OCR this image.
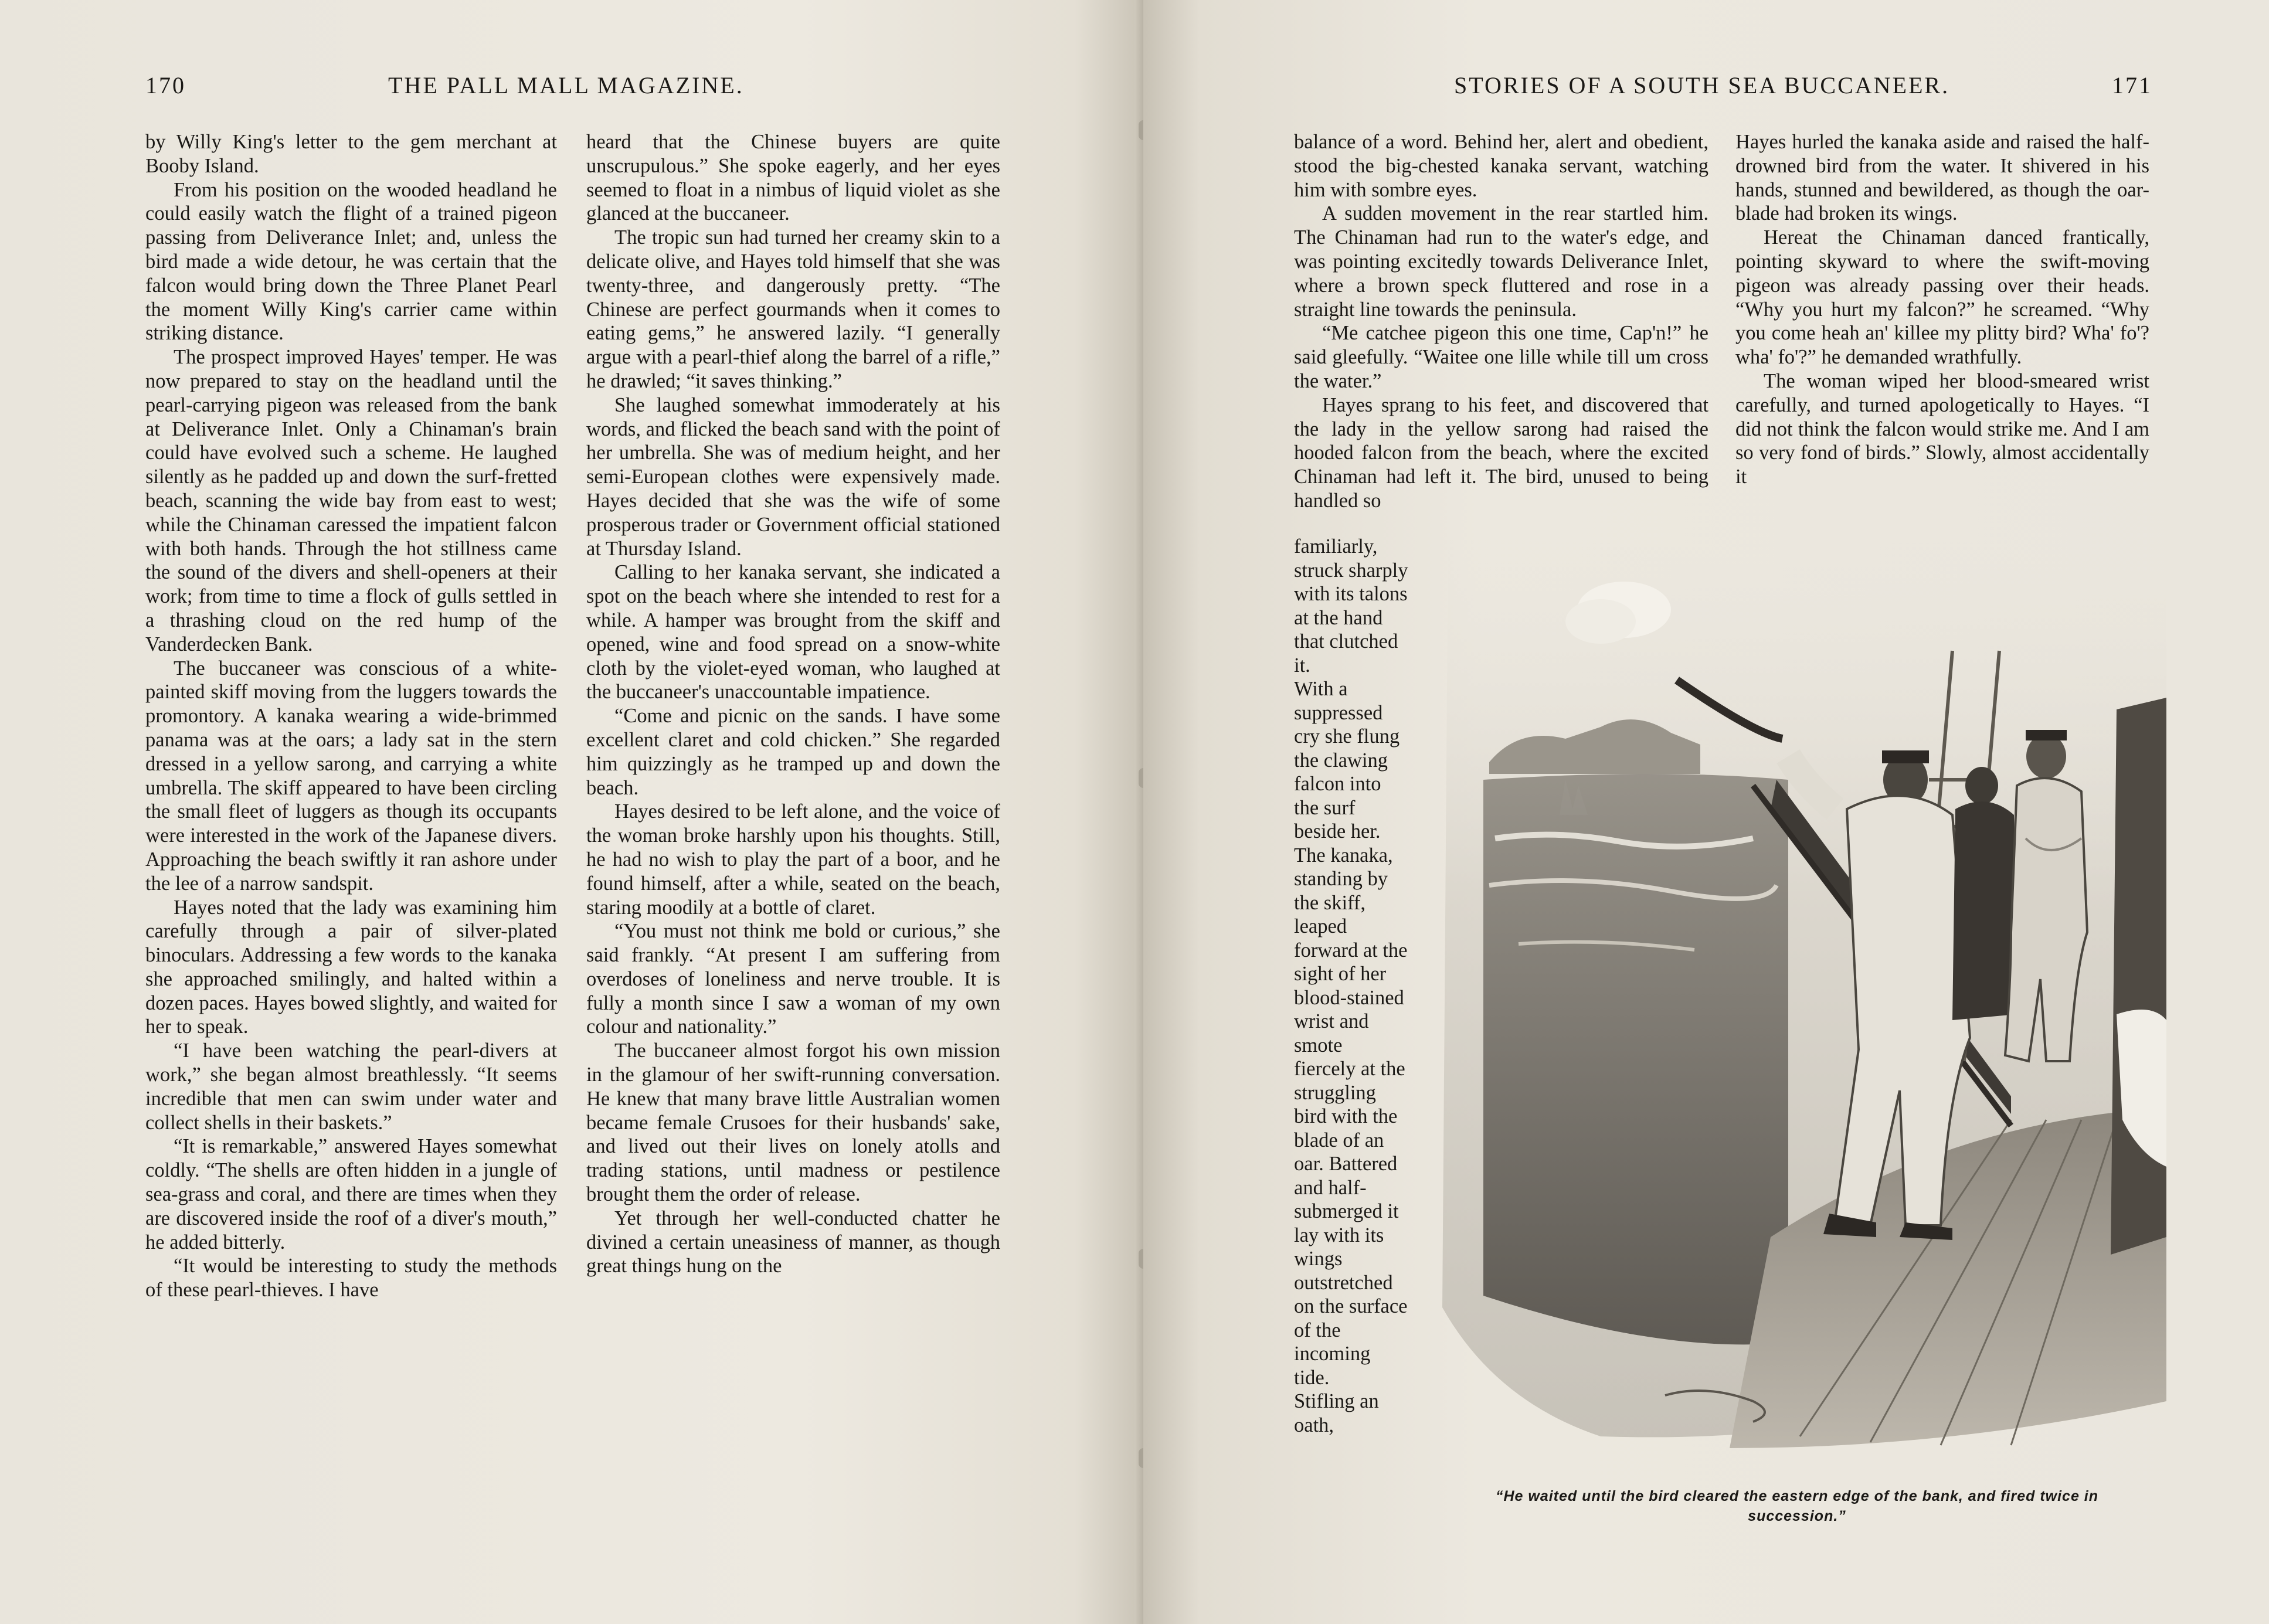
170	THE PALL MALL MAGAZINE.

by Willy King's letter to the gem merchant at Booby Island.

From his position on the wooded headland he could easily watch the flight of a trained pigeon passing from Deliverance Inlet; and, unless the bird made a wide detour, he was certain that the falcon would bring down the Three Planet Pearl the moment Willy King's carrier came within striking distance.

The prospect improved Hayes' temper. He was now prepared to stay on the headland until the pearl-carrying pigeon was released from the bank at Deliverance Inlet. Only a Chinaman's brain could have evolved such a scheme. He laughed silently as he padded up and down the surf-fretted beach, scanning the wide bay from east to west; while the Chinaman caressed the impatient falcon with both hands. Through the hot stillness came the sound of the divers and shell-openers at their work; from time to time a flock of gulls settled in a thrashing cloud on the red hump of the Vanderdecken Bank.

The buccaneer was conscious of a white-painted skiff moving from the luggers towards the promontory. A kanaka wearing a wide-brimmed panama was at the oars; a lady sat in the stern dressed in a yellow sarong, and carrying a white umbrella. The skiff appeared to have been circling the small fleet of luggers as though its occupants were interested in the work of the Japanese divers. Approaching the beach swiftly it ran ashore under the lee of a narrow sandspit.

Hayes noted that the lady was examining him carefully through a pair of silver-plated binoculars. Addressing a few words to the kanaka she approached smilingly, and halted within a dozen paces. Hayes bowed slightly, and waited for her to speak.

“I have been watching the pearl-divers at work,” she began almost breathlessly. “It seems incredible that men can swim under water and collect shells in their baskets.”

“It is remarkable,” answered Hayes somewhat coldly. “The shells are often hidden in a jungle of sea-grass and coral, and there are times when they are discovered inside the roof of a diver's mouth,” he added bitterly.

“It would be interesting to study the methods of these pearl-thieves. I have

heard that the Chinese buyers are quite unscrupulous.” She spoke eagerly, and her eyes seemed to float in a nimbus of liquid violet as she glanced at the buccaneer.

The tropic sun had turned her creamy skin to a delicate olive, and Hayes told himself that she was twenty-three, and dangerously pretty. “The Chinese are perfect gourmands when it comes to eating gems,” he answered lazily. “I generally argue with a pearl-thief along the barrel of a rifle,” he drawled; “it saves thinking.”

She laughed somewhat immoderately at his words, and flicked the beach sand with the point of her umbrella. She was of medium height, and her semi-European clothes were expensively made. Hayes decided that she was the wife of some prosperous trader or Government official stationed at Thursday Island.

Calling to her kanaka servant, she indicated a spot on the beach where she intended to rest for a while. A hamper was brought from the skiff and opened, wine and food spread on a snow-white cloth by the violet-eyed woman, who laughed at the buccaneer's unaccountable impatience.

“Come and picnic on the sands. I have some excellent claret and cold chicken.” She regarded him quizzingly as he tramped up and down the beach.

Hayes desired to be left alone, and the voice of the woman broke harshly upon his thoughts. Still, he had no wish to play the part of a boor, and he found himself, after a while, seated on the beach, staring moodily at a bottle of claret.

“You must not think me bold or curious,” she said frankly. “At present I am suffering from overdoses of loneliness and nerve trouble. It is fully a month since I saw a woman of my own colour and nationality.”

The buccaneer almost forgot his own mission in the glamour of her swift-running conversation. He knew that many brave little Australian women became female Crusoes for their husbands' sake, and lived out their lives on lonely atolls and trading stations, until madness or pestilence brought them the order of release.

Yet through her well-conducted chatter he divined a certain uneasiness of manner, as though great things hung on the

STORIES OF A SOUTH SEA BUCCANEER.	171

balance of a word. Behind her, alert and obedient, stood the big-chested kanaka servant, watching him with sombre eyes.

A sudden movement in the rear startled him. The Chinaman had run to the water's edge, and was pointing excitedly towards Deliverance Inlet, where a brown speck fluttered and rose in a straight line towards the peninsula.

“Me catchee pigeon this one time, Cap'n!” he said gleefully. “Waitee one lille while till um cross the water.”

Hayes sprang to his feet, and discovered that the lady in the yellow sarong had raised the hooded falcon from the beach, where the excited Chinaman had left it. The bird, unused to being handled so

familiarly, struck sharply with its talons at the hand that clutched it.

With a suppressed cry she flung the clawing falcon into the surf beside her. The kanaka, standing by the skiff, leaped forward at the sight of her blood-stained wrist and smote fiercely at the struggling bird with the blade of an oar. Battered and half-submerged it lay with its wings outstretched on the surface of the incoming tide.

Stifling an oath,

Hayes hurled the kanaka aside and raised the half-drowned bird from the water. It shivered in his hands, stunned and bewildered, as though the oar-blade had broken its wings.

Hereat the Chinaman danced frantically, pointing skyward to where the swift-moving pigeon was already passing over their heads. “Why you hurt my falcon?” he screamed. “Why you come heah an' killee my plitty bird? Wha' fo'? wha' fo'?” he demanded wrathfully.

The woman wiped her blood-smeared wrist carefully, and turned apologetically to Hayes. “I did not think the falcon would strike me. And I am so very fond of birds.” Slowly, almost accidentally it

“He waited until the bird cleared the eastern edge of the bank, and fired twice in succession.”
